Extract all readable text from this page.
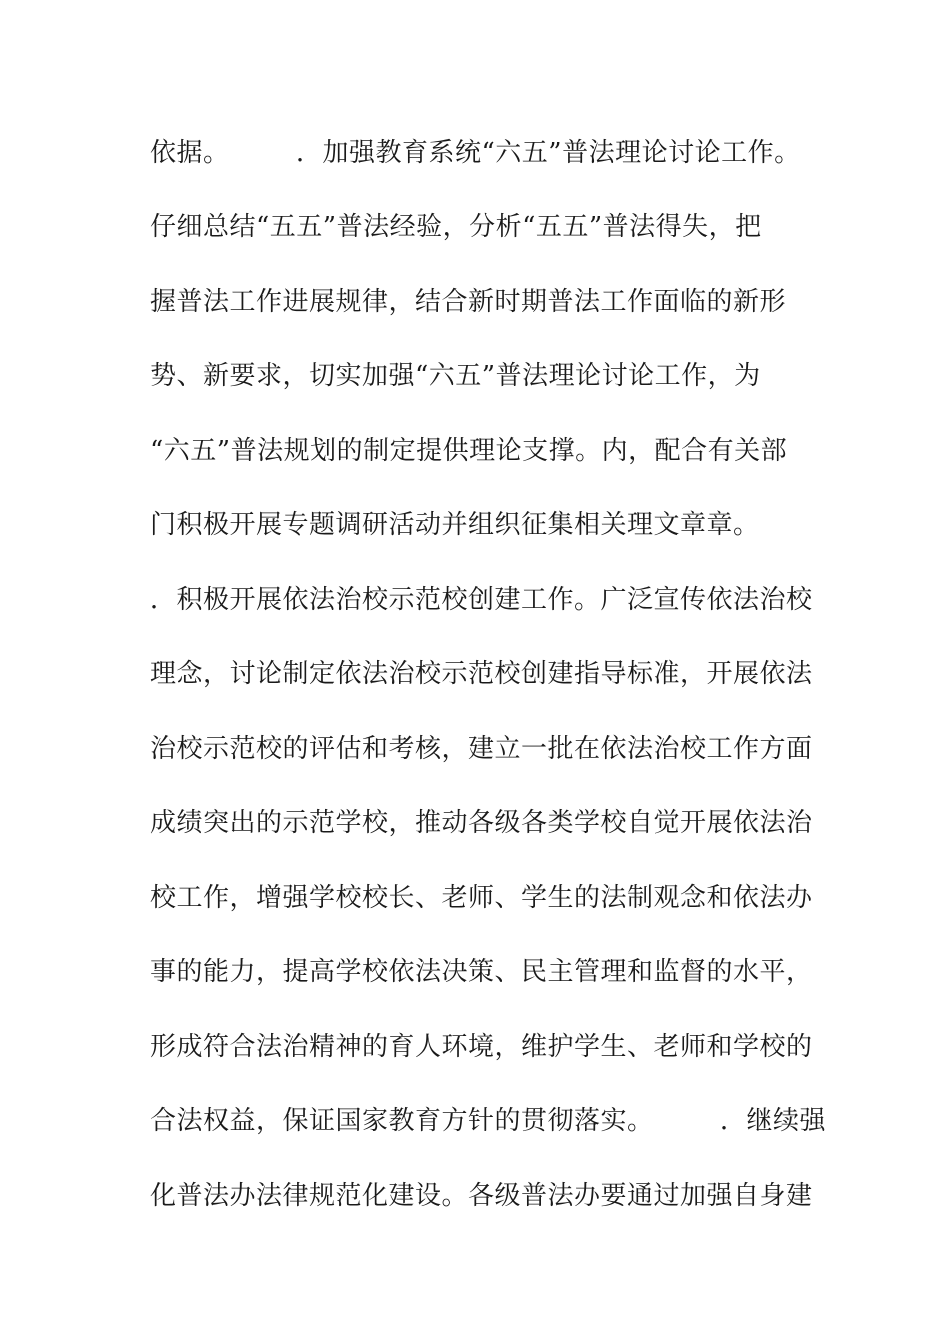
依据。　　　．加强教育系统“六五”普法理论讨论工作。
仔细总结“五五”普法经验，分析“五五”普法得失，把
握普法工作进展规律，结合新时期普法工作面临的新形
势、新要求，切实加强“六五”普法理论讨论工作，为
“六五”普法规划的制定提供理论支撑。内，配合有关部
门积极开展专题调研活动并组织征集相关理文章章。
．积极开展依法治校示范校创建工作。广泛宣传依法治校
理念，讨论制定依法治校示范校创建指导标准，开展依法
治校示范校的评估和考核，建立一批在依法治校工作方面
成绩突出的示范学校，推动各级各类学校自觉开展依法治
校工作，增强学校校长、老师、学生的法制观念和依法办
事的能力，提高学校依法决策、民主管理和监督的水平，
形成符合法治精神的育人环境，维护学生、老师和学校的
合法权益，保证国家教育方针的贯彻落实。　　　．继续强
化普法办法律规范化建设。各级普法办要通过加强自身建
